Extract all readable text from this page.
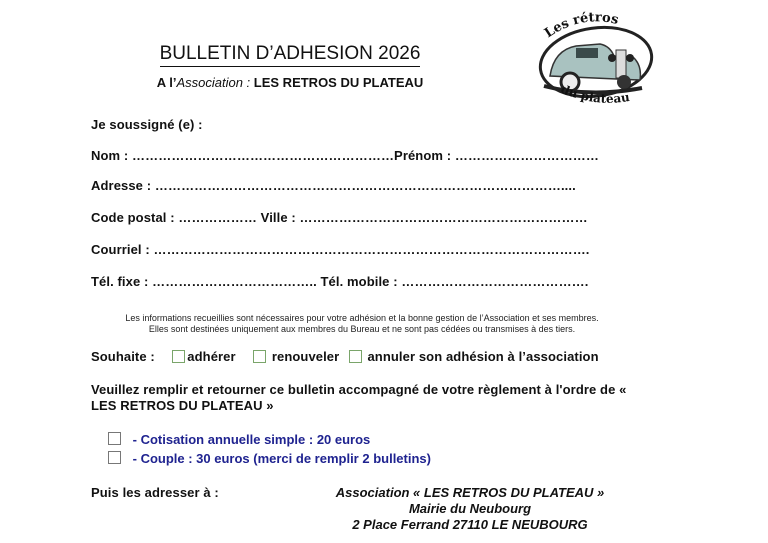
BULLETIN D’ADHESION 2026
A l’Association : LES RETROS DU PLATEAU
Les rétros
du plateau
Je soussigné (e) :
Nom : ……………………………………………………Prénom : ……………………………
Adresse : …………………………………………………………………………………....
Code postal : ……………… Ville : …………………………………………………………
Courriel : ……………………………………………………………………………………….
Tél. fixe : ……………………………….. Tél. mobile : …………………………………….
Les informations recueillies sont nécessaires pour votre adhésion et la bonne gestion de l’Association et ses membres.
Elles sont destinées uniquement aux membres du Bureau et ne sont pas cédées ou transmises à des tiers.
Souhaite : adhérer	renouveler annuler son adhésion à l’association
Veuillez remplir et retourner ce bulletin accompagné de votre règlement à l'ordre de «
LES RETROS DU PLATEAU »
- Cotisation annuelle simple : 20 euros
- Couple : 30 euros (merci de remplir 2 bulletins)
Puis les adresser à :	Association « LES RETROS DU PLATEAU »
Mairie du Neubourg
2 Place Ferrand 27110 LE NEUBOURG
